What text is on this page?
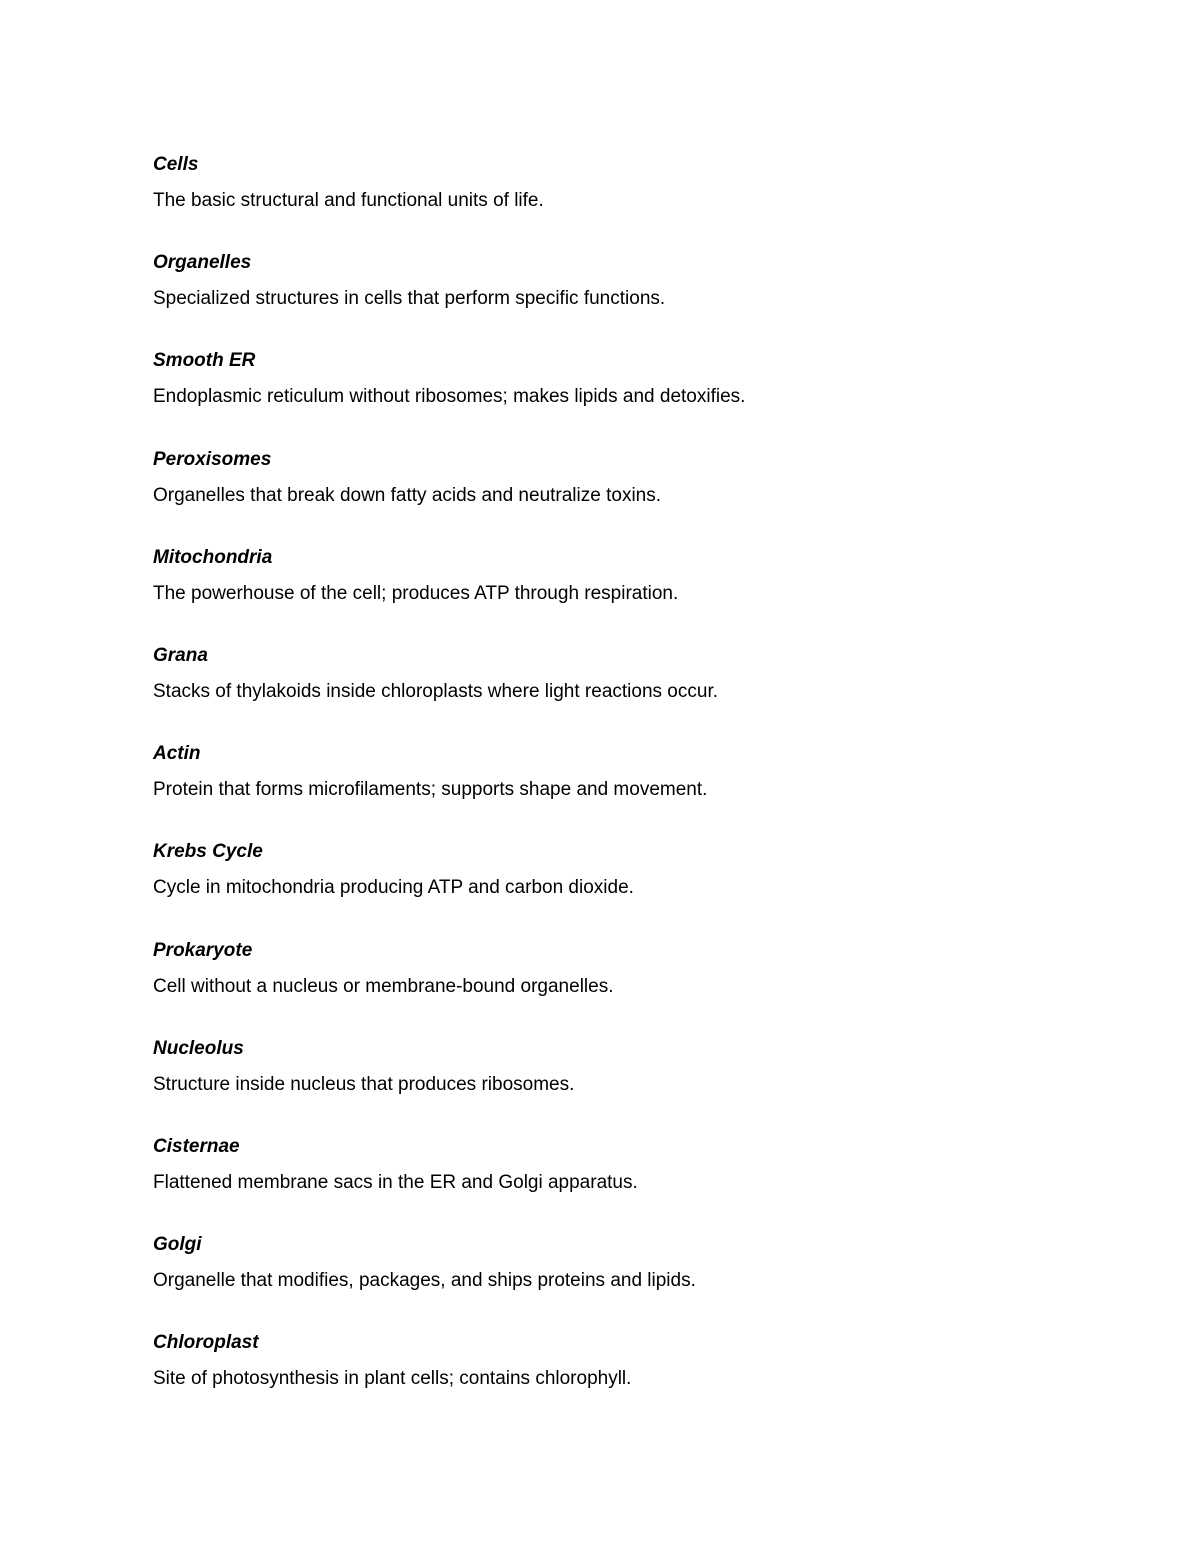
Cells
The basic structural and functional units of life.
Organelles
Specialized structures in cells that perform specific functions.
Smooth ER
Endoplasmic reticulum without ribosomes; makes lipids and detoxifies.
Peroxisomes
Organelles that break down fatty acids and neutralize toxins.
Mitochondria
The powerhouse of the cell; produces ATP through respiration.
Grana
Stacks of thylakoids inside chloroplasts where light reactions occur.
Actin
Protein that forms microfilaments; supports shape and movement.
Krebs Cycle
Cycle in mitochondria producing ATP and carbon dioxide.
Prokaryote
Cell without a nucleus or membrane-bound organelles.
Nucleolus
Structure inside nucleus that produces ribosomes.
Cisternae
Flattened membrane sacs in the ER and Golgi apparatus.
Golgi
Organelle that modifies, packages, and ships proteins and lipids.
Chloroplast
Site of photosynthesis in plant cells; contains chlorophyll.
